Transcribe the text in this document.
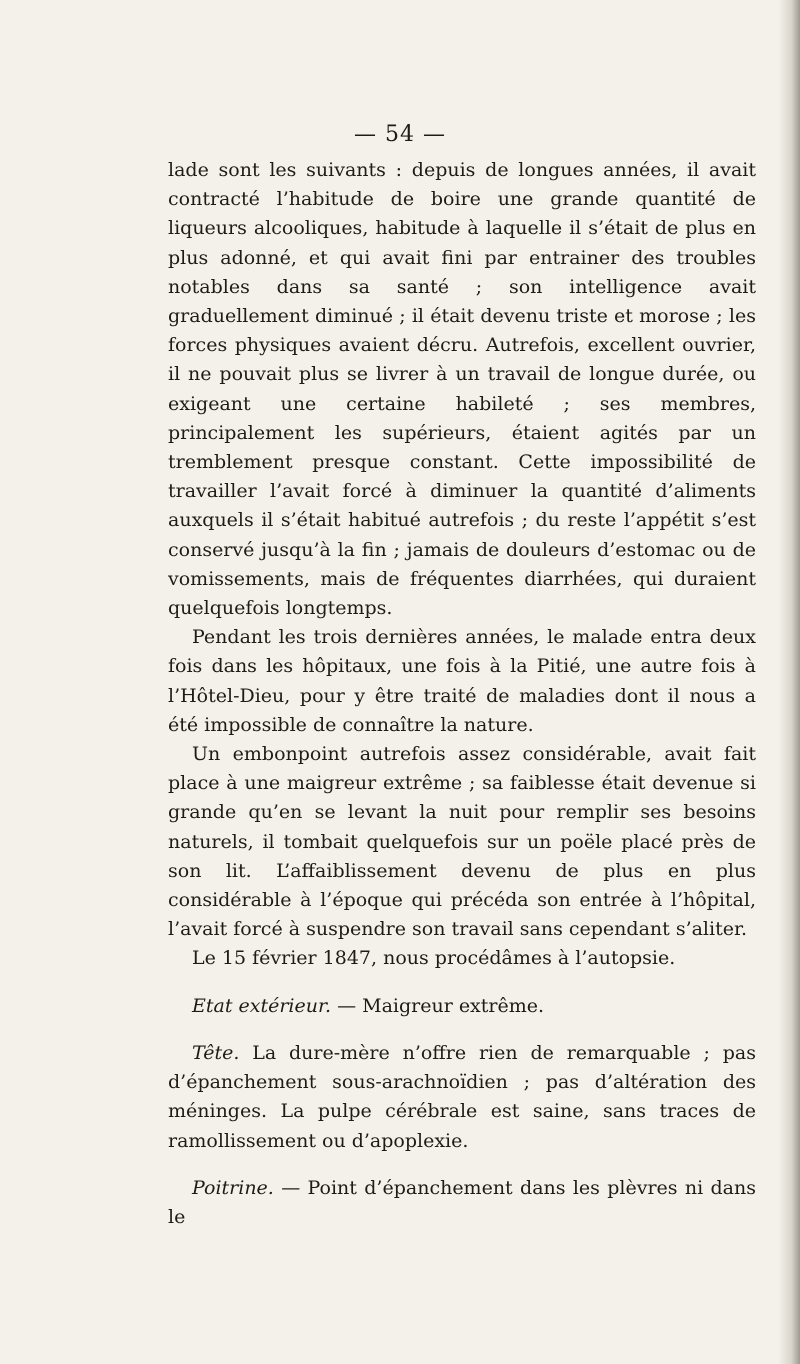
— 54 —

lade sont les suivants : depuis de longues années, il avait contracté l’habitude de boire une grande quantité de liqueurs alcooliques, habitude à laquelle il s’était de plus en plus adonné, et qui avait fini par entrainer des troubles notables dans sa santé ; son intelligence avait graduellement diminué ; il était devenu triste et morose ; les forces physiques avaient décru. Autrefois, excellent ouvrier, il ne pouvait plus se livrer à un travail de longue durée, ou exigeant une certaine habileté ; ses membres, principalement les supérieurs, étaient agités par un tremblement presque constant. Cette impossibilité de travailler l’avait forcé à diminuer la quantité d’aliments auxquels il s’était habitué autrefois ; du reste l’appétit s’est conservé jusqu’à la fin ; jamais de douleurs d’estomac ou de vomissements, mais de fréquentes diarrhées, qui duraient quelquefois longtemps.

Pendant les trois dernières années, le malade entra deux fois dans les hôpitaux, une fois à la Pitié, une autre fois à l’Hôtel-Dieu, pour y être traité de maladies dont il nous a été impossible de connaître la nature.

Un embonpoint autrefois assez considérable, avait fait place à une maigreur extrême ; sa faiblesse était devenue si grande qu’en se levant la nuit pour remplir ses besoins naturels, il tombait quelquefois sur un poële placé près de son lit. L’affaiblissement devenu de plus en plus considérable à l’époque qui précéda son entrée à l’hôpital, l’avait forcé à suspendre son travail sans cependant s’aliter.

Le 15 février 1847, nous procédâmes à l’autopsie.

Etat extérieur. — Maigreur extrême.

Tête. La dure-mère n’offre rien de remarquable ; pas d’épanchement sous-arachnoïdien ; pas d’altération des méninges. La pulpe cérébrale est saine, sans traces de ramollissement ou d’apoplexie.

Poitrine. — Point d’épanchement dans les plèvres ni dans le
